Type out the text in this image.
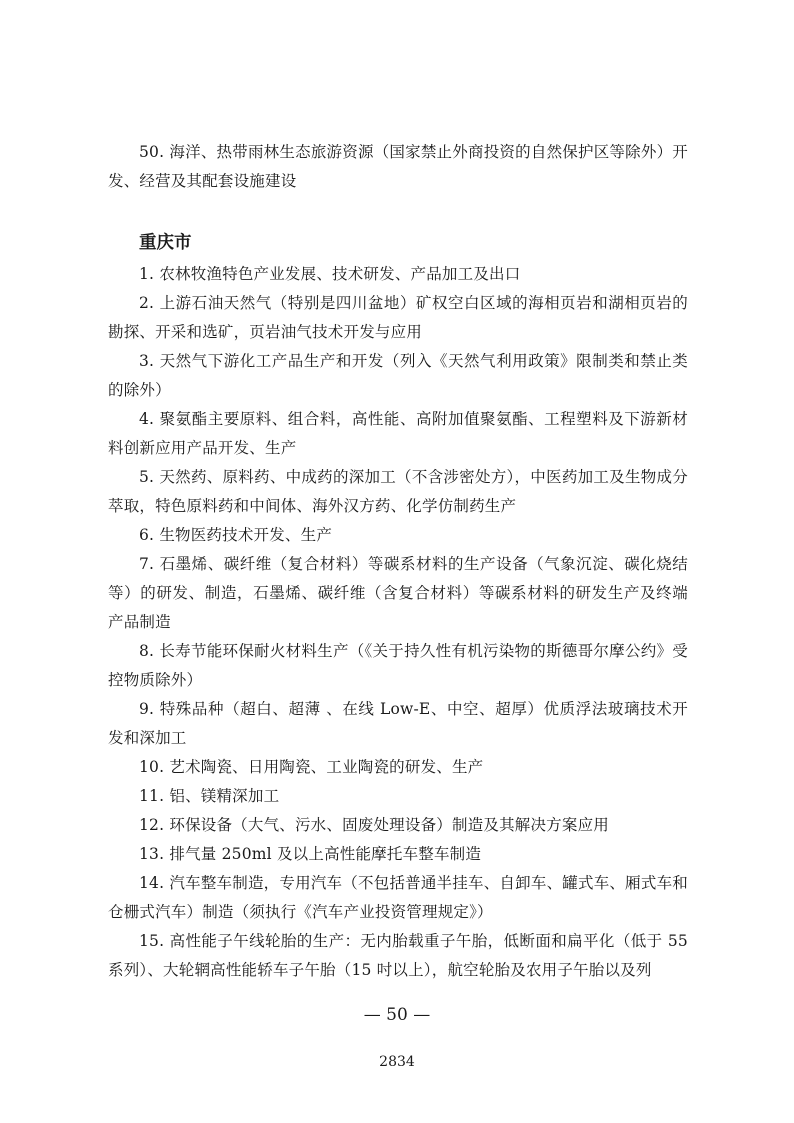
50. 海洋、热带雨林生态旅游资源（国家禁止外商投资的自然保护区等除外）开发、经营及其配套设施建设

重庆市

1. 农林牧渔特色产业发展、技术研发、产品加工及出口

2. 上游石油天然气（特别是四川盆地）矿权空白区域的海相页岩和湖相页岩的勘探、开采和选矿，页岩油气技术开发与应用

3. 天然气下游化工产品生产和开发（列入《天然气利用政策》限制类和禁止类的除外）

4. 聚氨酯主要原料、组合料，高性能、高附加值聚氨酯、工程塑料及下游新材料创新应用产品开发、生产

5. 天然药、原料药、中成药的深加工（不含涉密处方），中医药加工及生物成分萃取，特色原料药和中间体、海外汉方药、化学仿制药生产

6. 生物医药技术开发、生产

7. 石墨烯、碳纤维（复合材料）等碳系材料的生产设备（气象沉淀、碳化烧结等）的研发、制造，石墨烯、碳纤维（含复合材料）等碳系材料的研发生产及终端产品制造

8. 长寿节能环保耐火材料生产（《关于持久性有机污染物的斯德哥尔摩公约》受控物质除外）

9. 特殊品种（超白、超薄 、在线 Low-E、中空、超厚）优质浮法玻璃技术开发和深加工

10. 艺术陶瓷、日用陶瓷、工业陶瓷的研发、生产

11. 铝、镁精深加工

12. 环保设备（大气、污水、固废处理设备）制造及其解决方案应用

13. 排气量 250ml 及以上高性能摩托车整车制造

14. 汽车整车制造，专用汽车（不包括普通半挂车、自卸车、罐式车、厢式车和仓栅式汽车）制造（须执行《汽车产业投资管理规定》）

15. 高性能子午线轮胎的生产：无内胎载重子午胎，低断面和扁平化（低于 55 系列）、大轮辋高性能轿车子午胎（15 吋以上），航空轮胎及农用子午胎以及列

— 50 —
2834
